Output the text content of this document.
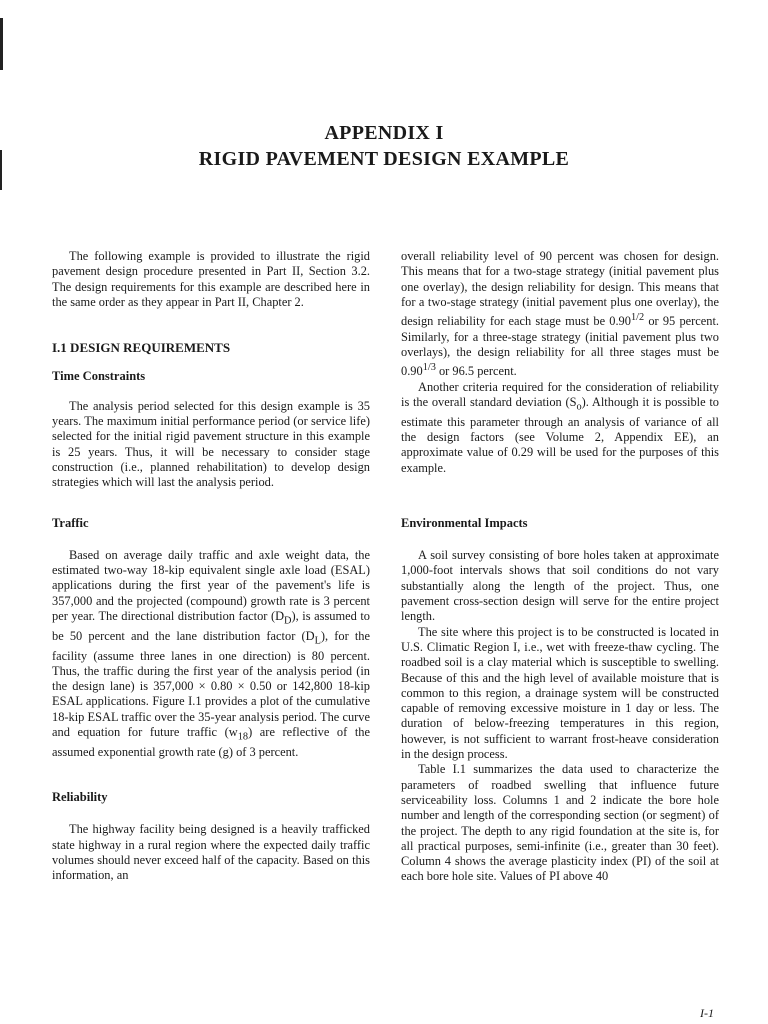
APPENDIX I
RIGID PAVEMENT DESIGN EXAMPLE

The following example is provided to illustrate the rigid pavement design procedure presented in Part II, Section 3.2. The design requirements for this example are described here in the same order as they appear in Part II, Chapter 2.

I.1 DESIGN REQUIREMENTS
Time Constraints

The analysis period selected for this design example is 35 years. The maximum initial performance period (or service life) selected for the initial rigid pavement structure in this example is 25 years. Thus, it will be necessary to consider stage construction (i.e., planned rehabilitation) to develop design strategies which will last the analysis period.

Traffic

Based on average daily traffic and axle weight data, the estimated two-way 18-kip equivalent single axle load (ESAL) applications during the first year of the pavement's life is 357,000 and the projected (compound) growth rate is 3 percent per year. The directional distribution factor $(D_D)$, is assumed to be 50 percent and the lane distribution factor $(D_L)$, for the facility (assume three lanes in one direction) is 80 percent. Thus, the traffic during the first year of the analysis period (in the design lane) is 357,000 × 0.80 × 0.50 or 142,800 18-kip ESAL applications. Figure I.1 provides a plot of the cumulative 18-kip ESAL traffic over the 35-year analysis period. The curve and equation for future traffic $(w_{18})$ are reflective of the assumed exponential growth rate (g) of 3 percent.

Reliability

The highway facility being designed is a heavily trafficked state highway in a rural region where the expected daily traffic volumes should never exceed half of the capacity. Based on this information, an

overall reliability level of 90 percent was chosen for design. This means that for a two-stage strategy (initial pavement plus one overlay), the design reliability for design. This means that for a two-stage strategy (initial pavement plus one overlay), the design reliability for each stage must be $0.90^{1/2}$ or 95 percent. Similarly, for a three-stage strategy (initial pavement plus two overlays), the design reliability for all three stages must be $0.90^{1/3}$ or 96.5 percent.

Another criteria required for the consideration of reliability is the overall standard deviation $(S_o)$. Although it is possible to estimate this parameter through an analysis of variance of all the design factors (see Volume 2, Appendix EE), an approximate value of 0.29 will be used for the purposes of this example.

Environmental Impacts

A soil survey consisting of bore holes taken at approximate 1,000-foot intervals shows that soil conditions do not vary substantially along the length of the project. Thus, one pavement cross-section design will serve for the entire project length.

The site where this project is to be constructed is located in U.S. Climatic Region I, i.e., wet with freeze-thaw cycling. The roadbed soil is a clay material which is susceptible to swelling. Because of this and the high level of available moisture that is common to this region, a drainage system will be constructed capable of removing excessive moisture in 1 day or less. The duration of below-freezing temperatures in this region, however, is not sufficient to warrant frost-heave consideration in the design process.

Table I.1 summarizes the data used to characterize the parameters of roadbed swelling that influence future serviceability loss. Columns 1 and 2 indicate the bore hole number and length of the corresponding section (or segment) of the project. The depth to any rigid foundation at the site is, for all practical purposes, semi-infinite (i.e., greater than 30 feet). Column 4 shows the average plasticity index (PI) of the soil at each bore hole site. Values of PI above 40

I-1
